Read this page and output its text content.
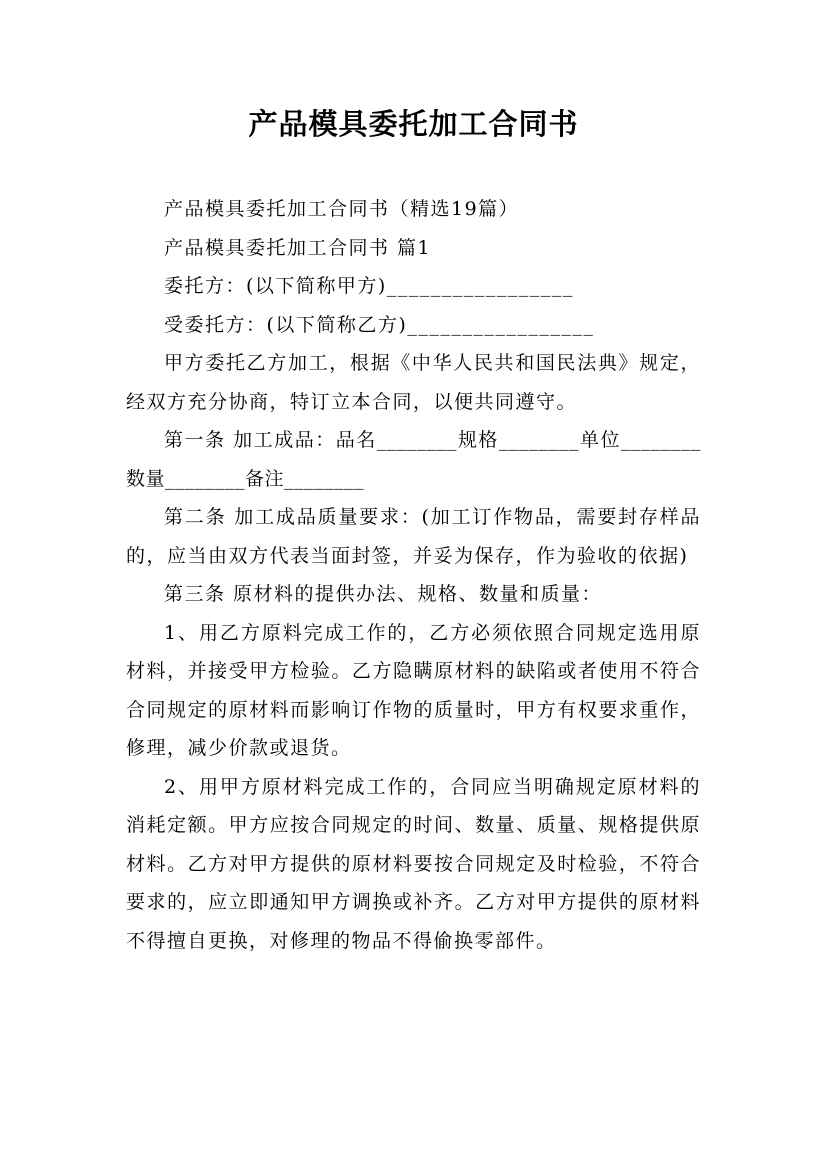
产品模具委托加工合同书

产品模具委托加工合同书（精选19篇）

产品模具委托加工合同书 篇1

委托方：(以下简称甲方)_________________

受委托方：(以下简称乙方)_________________

甲方委托乙方加工，根据《中华人民共和国民法典》规定，经双方充分协商，特订立本合同，以便共同遵守。

第一条 加工成品：品名________规格________单位________数量________备注________

第二条 加工成品质量要求：(加工订作物品，需要封存样品的，应当由双方代表当面封签，并妥为保存，作为验收的依据)

第三条 原材料的提供办法、规格、数量和质量：

1、用乙方原料完成工作的，乙方必须依照合同规定选用原材料，并接受甲方检验。乙方隐瞒原材料的缺陷或者使用不符合合同规定的原材料而影响订作物的质量时，甲方有权要求重作，修理，减少价款或退货。

2、用甲方原材料完成工作的，合同应当明确规定原材料的消耗定额。甲方应按合同规定的时间、数量、质量、规格提供原材料。乙方对甲方提供的原材料要按合同规定及时检验，不符合要求的，应立即通知甲方调换或补齐。乙方对甲方提供的原材料不得擅自更换，对修理的物品不得偷换零部件。
